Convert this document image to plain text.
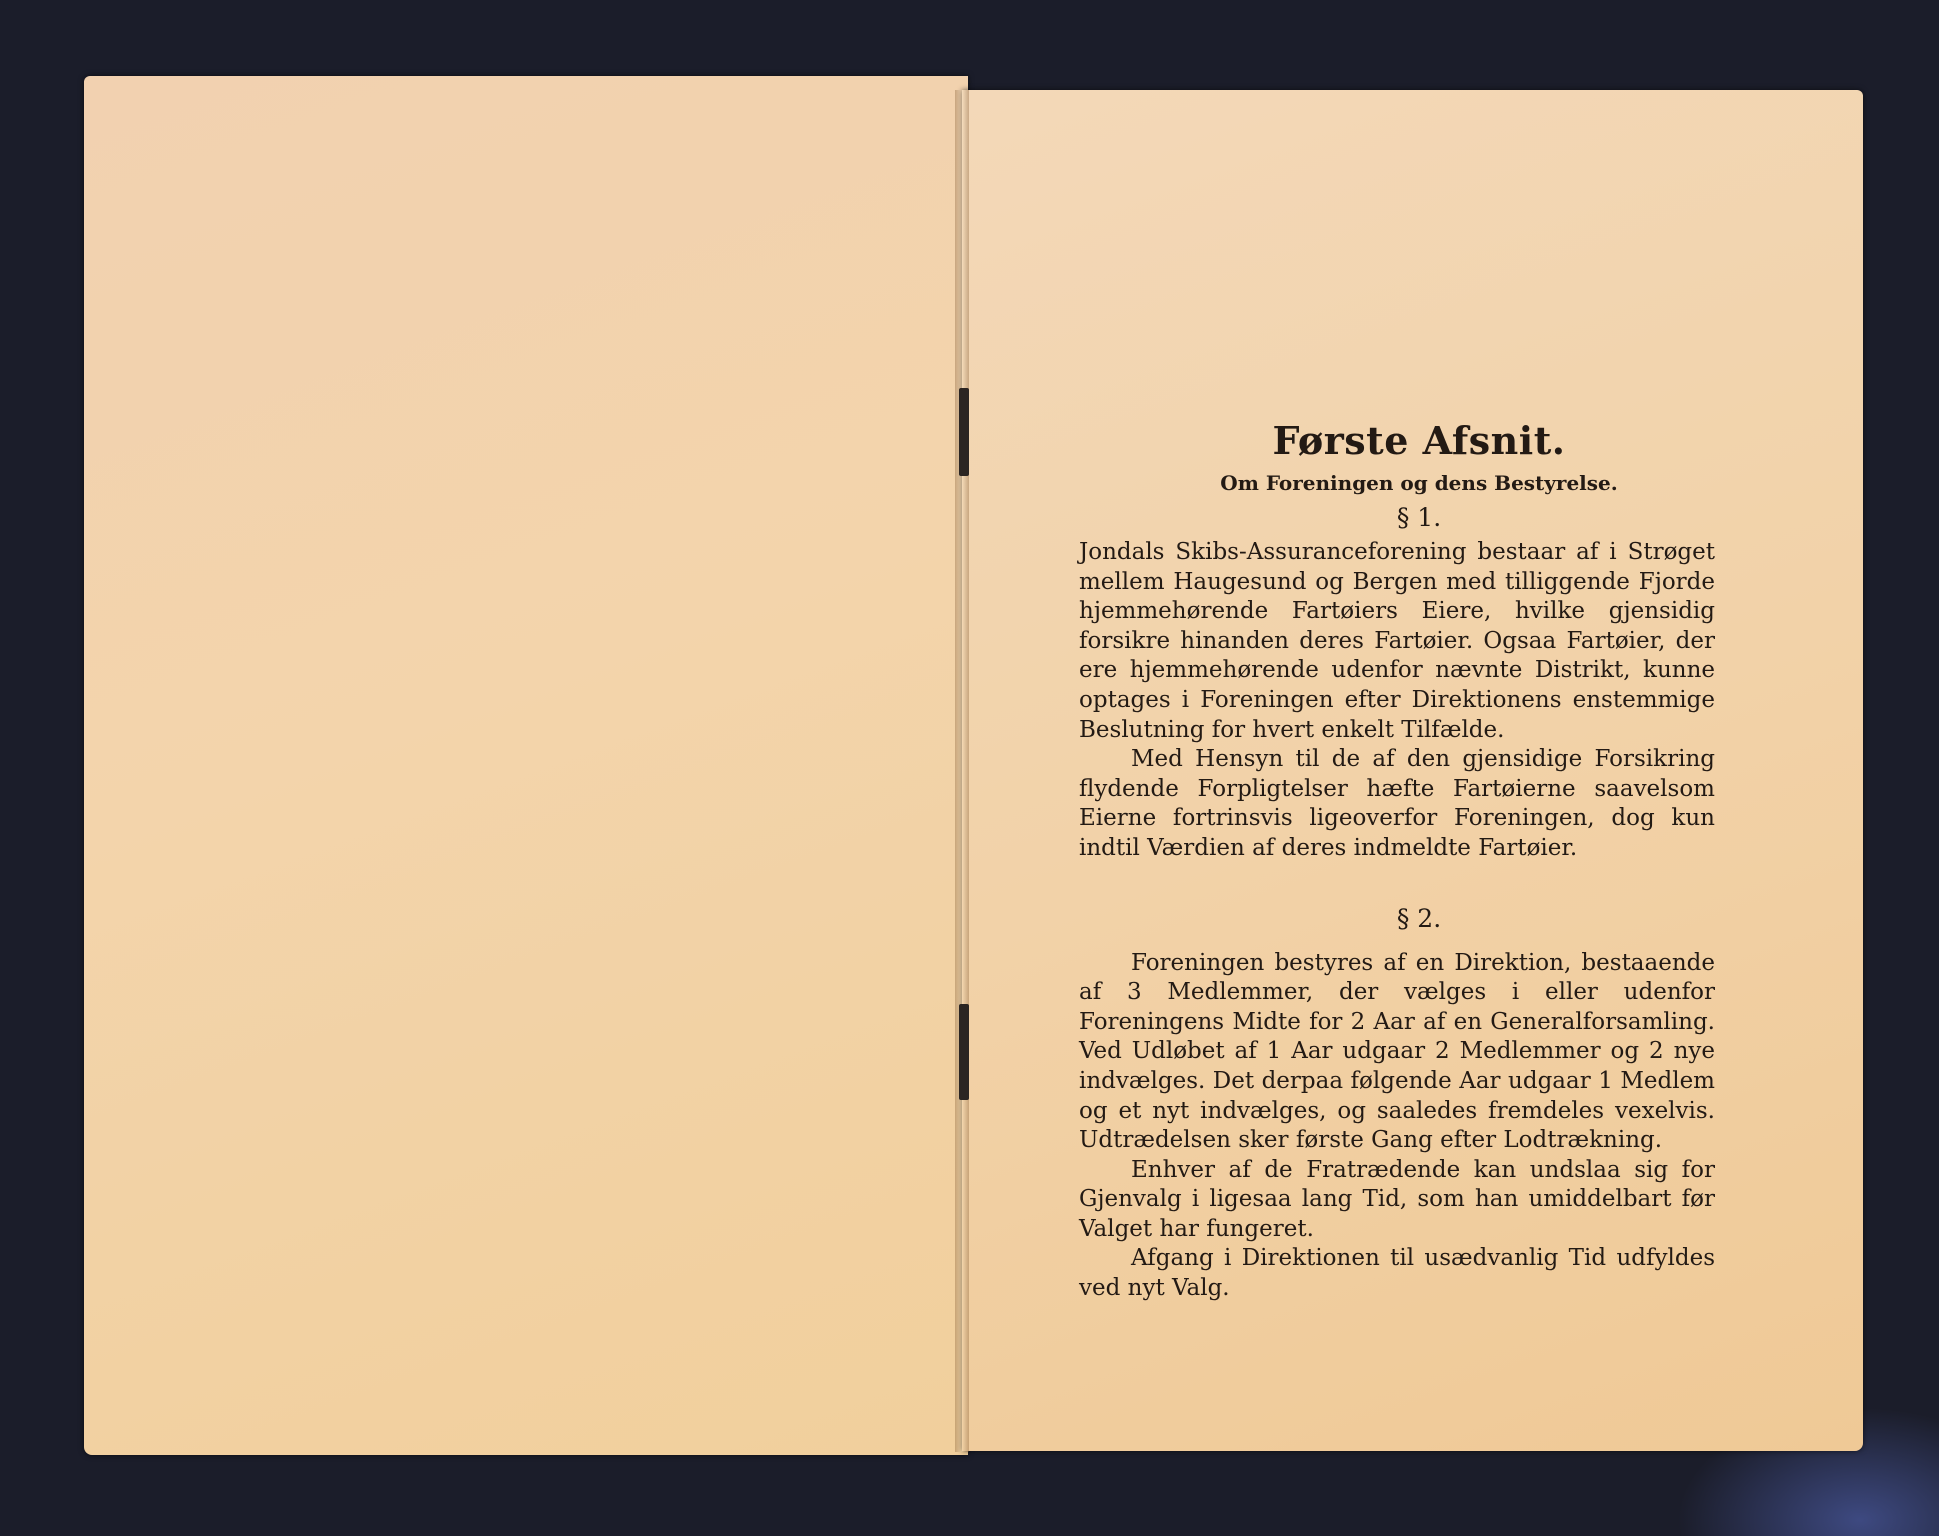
Første Afsnit.
Om Foreningen og dens Bestyrelse.
§ 1.

Jondals Skibs-Assuranceforening bestaar af i Strøget mellem Haugesund og Bergen med tilliggende Fjorde hjemmehørende Fartøiers Eiere, hvilke gjensidig forsikre hinanden deres Fartøier. Ogsaa Fartøier, der ere hjemmehørende udenfor nævnte Distrikt, kunne optages i Foreningen efter Direktionens enstemmige Beslutning for hvert enkelt Tilfælde.

Med Hensyn til de af den gjensidige Forsikring flydende Forpligtelser hæfte Fartøierne saavelsom Eierne fortrinsvis ligeoverfor Foreningen, dog kun indtil Værdien af deres indmeldte Fartøier.

§ 2.

Foreningen bestyres af en Direktion, bestaaende af 3 Medlemmer, der vælges i eller udenfor Foreningens Midte for 2 Aar af en Generalforsamling. Ved Udløbet af 1 Aar udgaar 2 Medlemmer og 2 nye indvælges. Det derpaa følgende Aar udgaar 1 Medlem og et nyt indvælges, og saaledes fremdeles vexelvis. Udtrædelsen sker første Gang efter Lodtrækning.

Enhver af de Fratrædende kan undslaa sig for Gjenvalg i ligesaa lang Tid, som han umiddelbart før Valget har fungeret.

Afgang i Direktionen til usædvanlig Tid udfyldes ved nyt Valg.
